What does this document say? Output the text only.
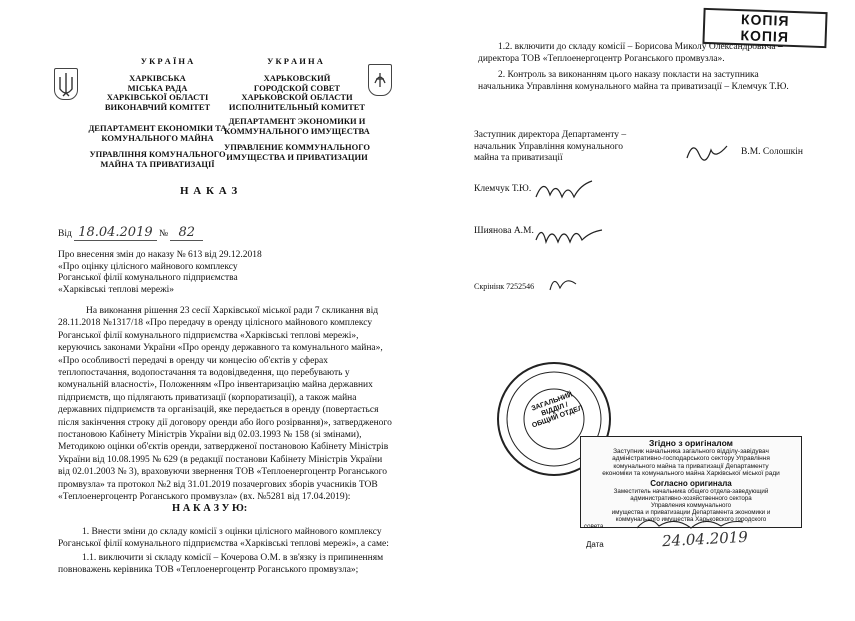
У К Р А Ї Н А
ХАРКІВСЬКА
МІСЬКА РАДА
ХАРКІВСЬКОЇ ОБЛАСТІ
ВИКОНАВЧИЙ КОМІТЕТ
ДЕПАРТАМЕНТ ЕКОНОМІКИ ТА
КОМУНАЛЬНОГО МАЙНА
УПРАВЛІННЯ КОМУНАЛЬНОГО
МАЙНА ТА ПРИВАТИЗАЦІЇ
У К Р А И Н А
ХАРЬКОВСКИЙ
ГОРОДСКОЙ СОВЕТ
ХАРЬКОВСКОЙ ОБЛАСТИ
ИСПОЛНИТЕЛЬНЫЙ КОМИТЕТ
ДЕПАРТАМЕНТ ЭКОНОМИКИ И
КОММУНАЛЬНОГО ИМУЩЕСТВА
УПРАВЛЕНИЕ КОММУНАЛЬНОГО
ИМУЩЕСТВА И ПРИВАТИЗАЦИИ
Н А К А З
Від 18.04.2019 № 82
Про внесення змін до наказу № 613 від 29.12.2018
«Про оцінку цілісного майнового комплексу
Роганської філії комунального підприємства
«Харківські теплові мережі»
На виконання рішення 23 сесії Харківської міської ради 7 скликання від
28.11.2018 №1317/18 «Про передачу в оренду цілісного майнового комплексу
Роганської філії комунального підприємства «Харківські теплові мережі»,
керуючись законами України «Про оренду державного та комунального майна»,
«Про особливості передачі в оренду чи концесію об'єктів у сферах
теплопостачання, водопостачання та водовідведення, що перебувають у
комунальній власності», Положенням «Про інвентаризацію майна державних
підприємств, що підлягають приватизації (корпоратизації), а також майна
державних підприємств та організацій, яке передається в оренду (повертається
після закінчення строку дії договору оренди або його розірвання)», затвердженого
постановою Кабінету Міністрів України від 02.03.1993 № 158 (зі змінами),
Методикою оцінки об'єктів оренди, затвердженої постановою Кабінету Міністрів
України від 10.08.1995 № 629 (в редакції постанови Кабінету Міністрів України
від 02.01.2003 № 3), враховуючи звернення ТОВ «Теплоенергоцентр Роганського
промвузла» та протокол №2 від 31.01.2019 позачергових зборів учасників ТОВ
«Теплоенергоцентр Роганського промвузла» (вх. №5281 від 17.04.2019):
Н А К А З У Ю:
1. Внести зміни до складу комісії з оцінки цілісного майнового комплексу
Роганської філії комунального підприємства «Харківські теплові мережі», а саме:
1.1. виключити зі складу комісії – Кочерова О.М. в зв'язку із припиненням
повноважень керівника ТОВ «Теплоенергоцентр Роганського промвузла»;
КОПІЯ КОПІЯ
1.2. включити до складу комісії – Борисова Миколу Олександровича –
директора ТОВ «Теплоенергоцентр Роганського промвузла».
2. Контроль за виконанням цього наказу покласти на заступника
начальника Управління комунального майна та приватизації – Клемчук Т.Ю.
Заступник директора Департаменту –
начальник Управління комунального
майна та приватизації
В.М. Солошкін
Клемчук Т.Ю.
Шиянова А.М.
Скрінінк 7252546
ЗАГАЛЬНИЙ ВІДДІЛ / ОБЩИЙ ОТДЕЛ
Згідно з оригіналом
Заступник начальника загального відділу-завідувач
адміністративно-господарського сектору Управління
комунального майна та приватизації Департаменту
економіки та комунального майна Харківської міської ради
Согласно оригинала
Заместитель начальника общего отдела-заведующий
административно-хозяйственного сектора
Управления коммунального
имущества и приватизации Департамента экономики и
коммунального имущества Харьковского городского
совета
Дата	24.04.2019
